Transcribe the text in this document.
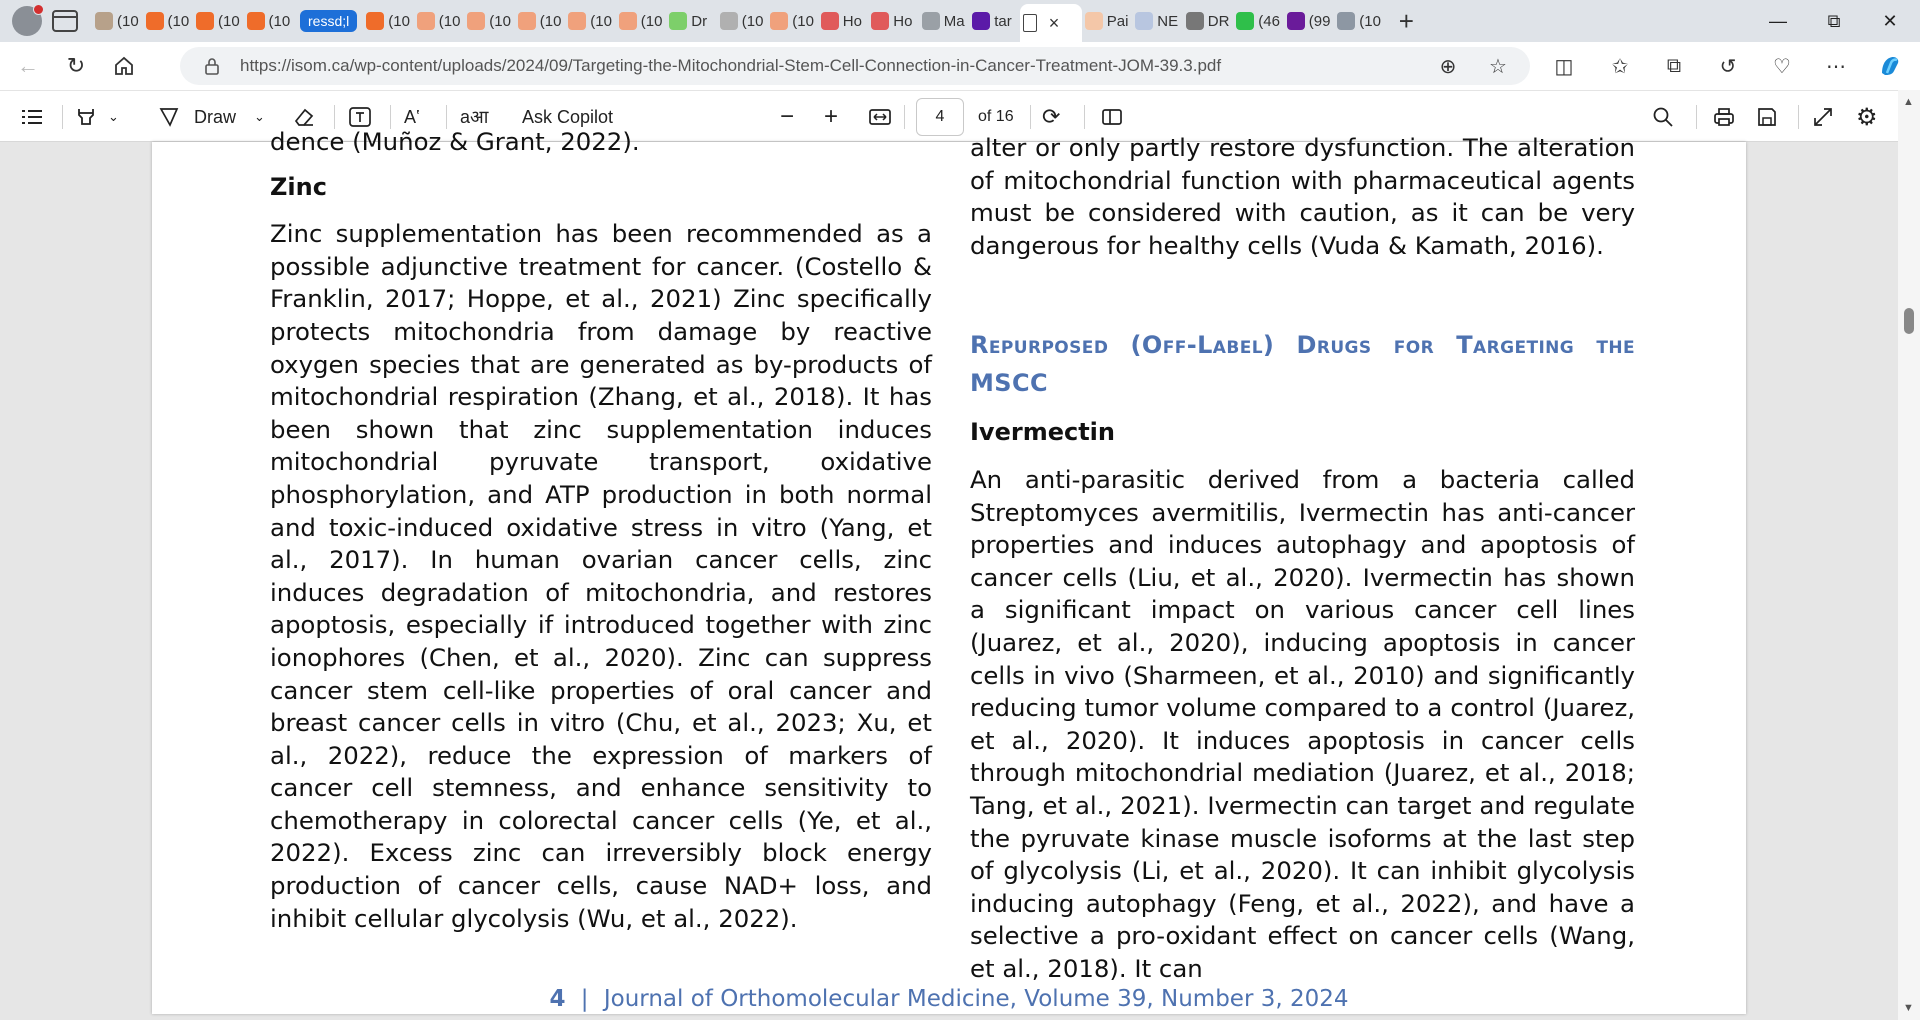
(10 (10 (10 (10	ressd;l	(10 (10 (10 (10 (10 (10 Dr (10 (10 Ho Ho Ma tar ×	Pai NE DR (46 (99 (10 +	—	⧉	✕
←	↻	https://isom.ca/wp-content/uploads/2024/09/Targeting-the-Mitochondrial-Stem-Cell-Connection-in-Cancer-Treatment-JOM-39.3.pdf	⊕	☆	◫	✩	⧉	↺	♡	⋯
⌄	Draw ⌄	A‛ aआ Ask Copilot	− +
4	of 16 ⟳	⚙

dence (Muñoz & Grant, 2022).

Zinc

Zinc supplementation has been recommended as a possible adjunctive treatment for cancer. (Costello & Franklin, 2017; Hoppe, et al., 2021) Zinc specifically protects mitochondria from damage by reactive oxygen species that are generated as by-products of mitochondrial respiration (Zhang, et al., 2018). It has been shown that zinc supplementation induces mitochondrial pyruvate transport, oxidative phosphorylation, and ATP production in both normal and toxic-induced oxidative stress in vitro (Yang, et al., 2017). In human ovarian cancer cells, zinc induces degradation of mitochondria, and restores apoptosis, especially if introduced together with zinc ionophores (Chen, et al., 2020). Zinc can suppress cancer stem cell-like properties of oral cancer and breast cancer cells in vitro (Chu, et al., 2023; Xu, et al., 2022), reduce the expression of markers of cancer cell stemness, and enhance sensitivity to chemotherapy in colorectal cancer cells (Ye, et al., 2022). Excess zinc can irreversibly block energy production of cancer cells, cause NAD+ loss, and inhibit cellular glycolysis (Wu, et al., 2022).

alter or only partly restore dysfunction. The alteration of mitochondrial function with pharmaceutical agents must be considered with caution, as it can be very dangerous for healthy cells (Vuda & Kamath, 2016).

Repurposed (Off-Label) Drugs for Targeting the MSCC

Ivermectin

An anti-parasitic derived from a bacteria called Streptomyces avermitilis, Ivermectin has anti-cancer properties and induces autophagy and apoptosis of cancer cells (Liu, et al., 2020). Ivermectin has shown a significant impact on various cancer cell lines (Juarez, et al., 2020), inducing apoptosis in cancer cells in vivo (Sharmeen, et al., 2010) and significantly reducing tumor volume compared to a control (Juarez, et al., 2020). It induces apoptosis in cancer cells through mitochondrial mediation (Juarez, et al., 2018; Tang, et al., 2021). Ivermectin can target and regulate the pyruvate kinase muscle isoforms at the last step of glycolysis (Li, et al., 2020). It can inhibit glycolysis inducing autophagy (Feng, et al., 2022), and have a selective a pro-oxidant effect on cancer cells (Wang, et al., 2018). It can

4 | Journal of Orthomolecular Medicine, Volume 39, Number 3, 2024
▲
▼
